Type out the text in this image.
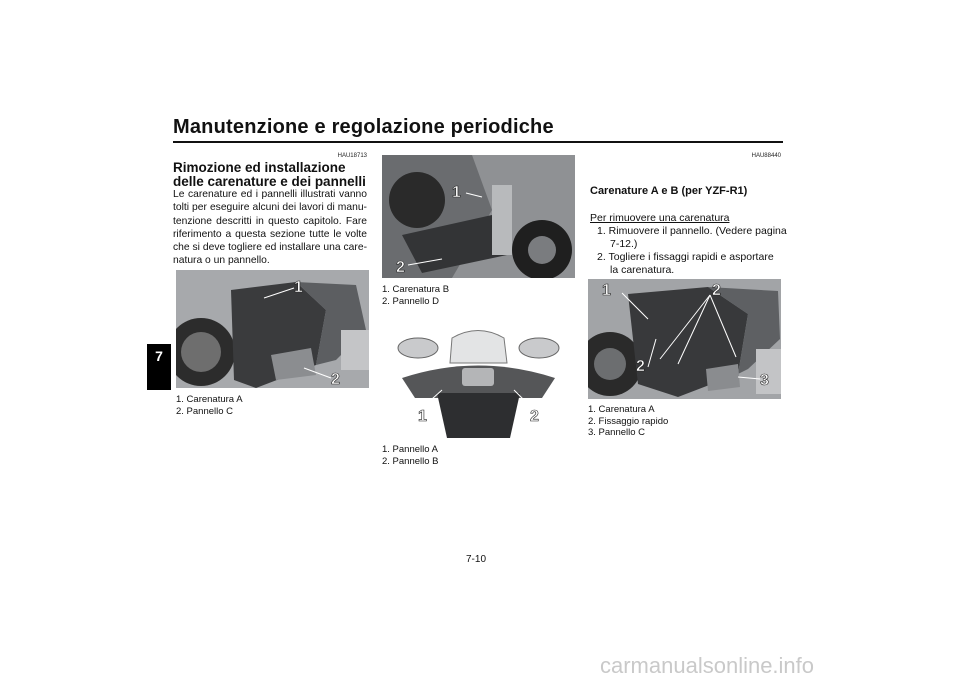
Manutenzione e regolazione periodiche
7
HAU18713
Rimozione ed installazione delle carenature e dei pannelli
Le carenature ed i pannelli illustrati vanno tolti per eseguire alcuni dei lavori di manu-tenzione descritti in questo capitolo. Fare riferimento a questa sezione tutte le volte che si deve togliere ed installare una care-natura o un pannello.
1
2
1. Carenatura A
2. Pannello C
1
2
1. Carenatura B
2. Pannello D
1	2
1. Pannello A
2. Pannello B
HAU88440
Carenature A e B (per YZF-R1)
Per rimuovere una carenatura
1. Rimuovere il pannello. (Vedere pagina 7-12.)
2. Togliere i fissaggi rapidi e asportare la carenatura.
1	2
2
3
1. Carenatura A
2. Fissaggio rapido
3. Pannello C
7-10
carmanualsonline.info
